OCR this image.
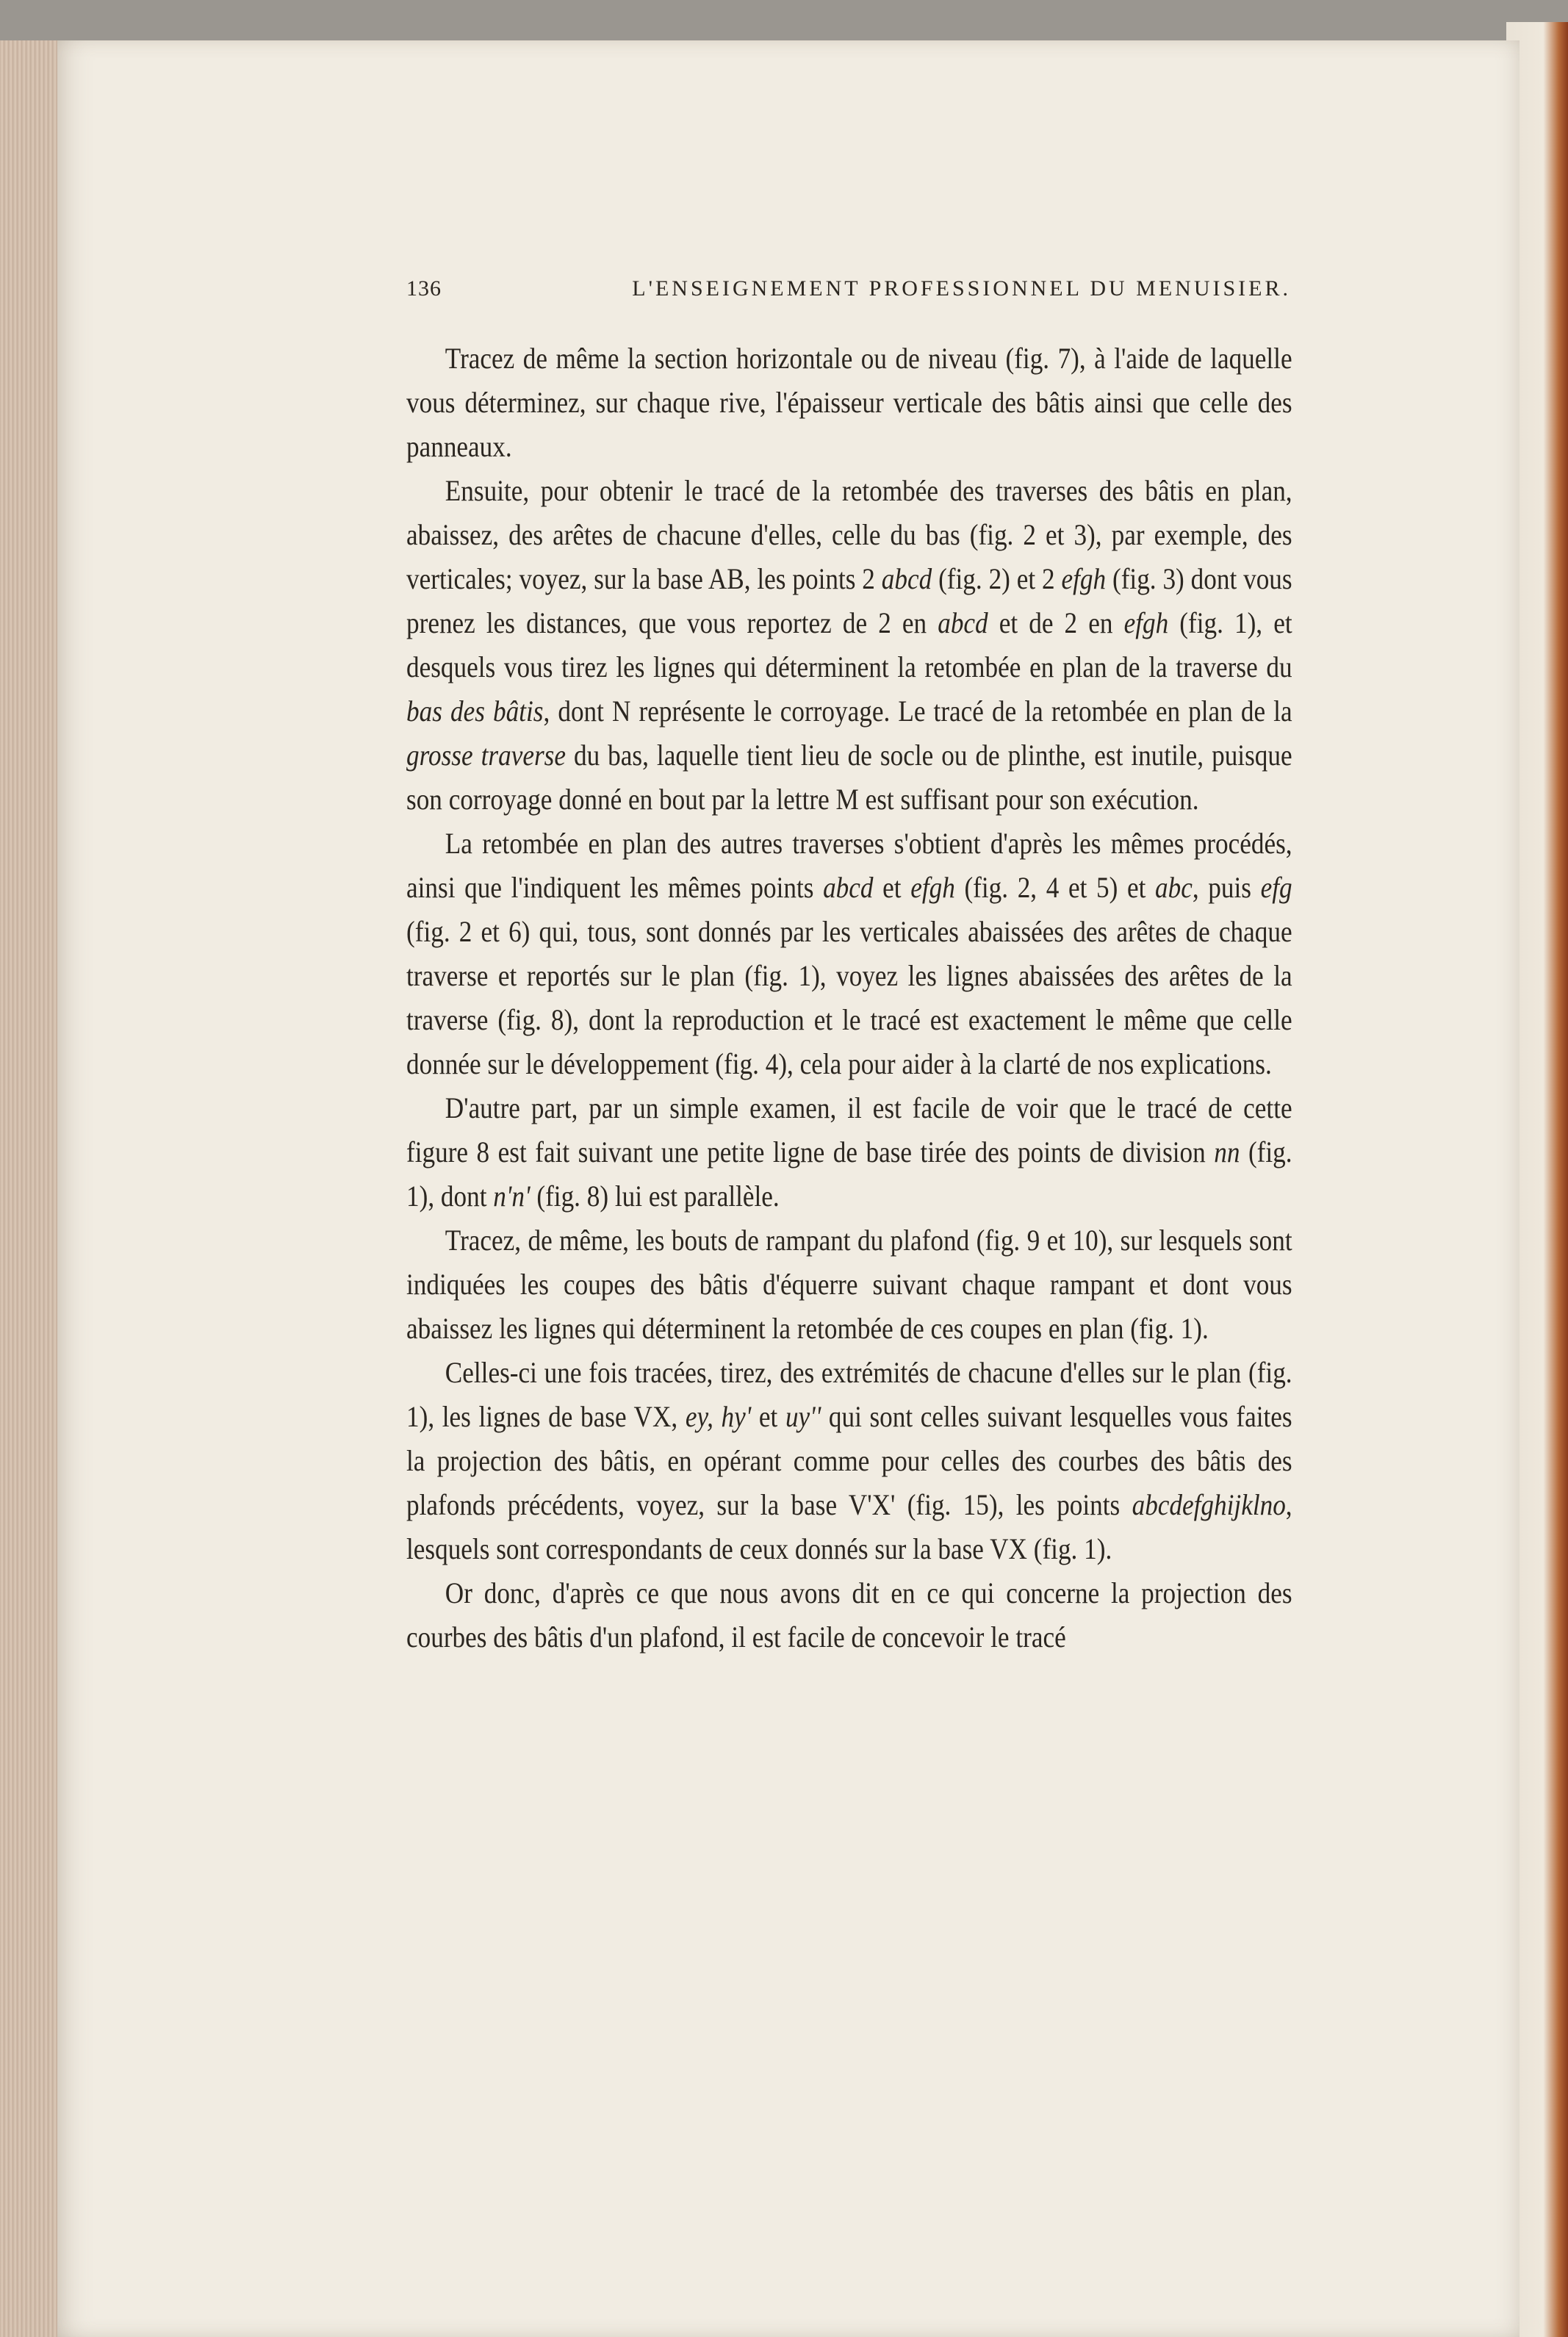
136	L'ENSEIGNEMENT PROFESSIONNEL DU MENUISIER.

Tracez de même la section horizontale ou de niveau (fig. 7), à l'aide de laquelle vous déterminez, sur chaque rive, l'épaisseur verticale des bâtis ainsi que celle des panneaux.

Ensuite, pour obtenir le tracé de la retombée des traverses des bâtis en plan, abaissez, des arêtes de chacune d'elles, celle du bas (fig. 2 et 3), par exemple, des verticales; voyez, sur la base AB, les points 2 abcd (fig. 2) et 2 efgh (fig. 3) dont vous prenez les distances, que vous reportez de 2 en abcd et de 2 en efgh (fig. 1), et desquels vous tirez les lignes qui déterminent la retombée en plan de la traverse du bas des bâtis, dont N représente le corroyage. Le tracé de la retombée en plan de la grosse traverse du bas, laquelle tient lieu de socle ou de plinthe, est inutile, puisque son corroyage donné en bout par la lettre M est suffisant pour son exécution.

La retombée en plan des autres traverses s'obtient d'après les mêmes procédés, ainsi que l'indiquent les mêmes points abcd et efgh (fig. 2, 4 et 5) et abc, puis efg (fig. 2 et 6) qui, tous, sont donnés par les verticales abaissées des arêtes de chaque traverse et reportés sur le plan (fig. 1), voyez les lignes abaissées des arêtes de la traverse (fig. 8), dont la reproduction et le tracé est exactement le même que celle donnée sur le développement (fig. 4), cela pour aider à la clarté de nos explications.

D'autre part, par un simple examen, il est facile de voir que le tracé de cette figure 8 est fait suivant une petite ligne de base tirée des points de division nn (fig. 1), dont n'n' (fig. 8) lui est parallèle.

Tracez, de même, les bouts de rampant du plafond (fig. 9 et 10), sur lesquels sont indiquées les coupes des bâtis d'équerre suivant chaque rampant et dont vous abaissez les lignes qui déterminent la retombée de ces coupes en plan (fig. 1).

Celles-ci une fois tracées, tirez, des extrémités de chacune d'elles sur le plan (fig. 1), les lignes de base VX, ey, hy' et uy'' qui sont celles suivant lesquelles vous faites la projection des bâtis, en opérant comme pour celles des courbes des bâtis des plafonds précédents, voyez, sur la base V'X' (fig. 15), les points abcdefghijklno, lesquels sont correspondants de ceux donnés sur la base VX (fig. 1).

Or donc, d'après ce que nous avons dit en ce qui concerne la projection des courbes des bâtis d'un plafond, il est facile de concevoir le tracé
